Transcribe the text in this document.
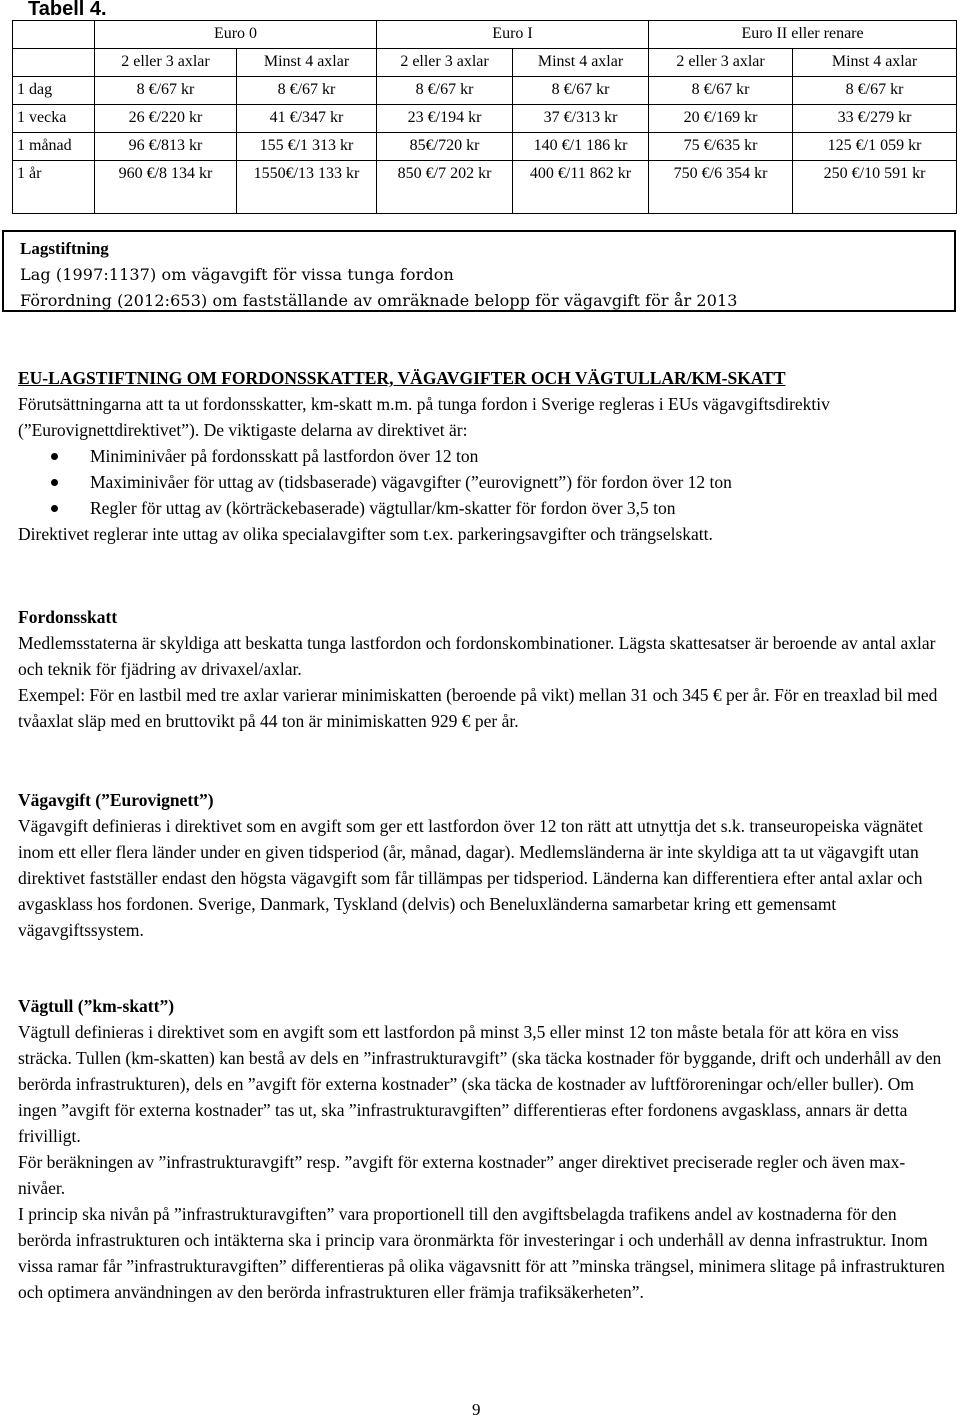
Tabell 4.
	Euro 0		Euro I		Euro II eller renare	
	2 eller 3 axlar	Minst 4 axlar	2 eller 3 axlar	Minst 4 axlar	2 eller 3 axlar	Minst 4 axlar
1 dag	8 €/67 kr	8 €/67 kr	8 €/67 kr	8 €/67 kr	8 €/67 kr	8 €/67 kr
1 vecka	26 €/220 kr	41 €/347 kr	23 €/194 kr	37 €/313 kr	20 €/169 kr	33 €/279 kr
1 månad	96 €/813 kr	155 €/1 313 kr	85€/720 kr	140 €/1 186 kr	75 €/635 kr	125 €/1 059 kr
1 år	960 €/8 134 kr	1550€/13 133 kr	850 €/7 202 kr	400 €/11 862 kr	750 €/6 354 kr	250 €/10 591 kr
Lagstiftning
Lag (1997:1137) om vägavgift för vissa tunga fordon
Förordning (2012:653) om fastställande av omräknade belopp för vägavgift för år 2013
EU-LAGSTIFTNING OM FORDONSSKATTER, VÄGAVGIFTER OCH VÄGTULLAR/KM-SKATT
Förutsättningarna att ta ut fordonsskatter, km-skatt m.m. på tunga fordon i Sverige regleras i EUs vägavgiftsdirektiv (”Eurovignettdirektivet”). De viktigaste delarna av direktivet är:
Miniminivåer på fordonsskatt på lastfordon över 12 ton
Maximinivåer för uttag av (tidsbaserade) vägavgifter (”eurovignett”) för fordon över 12 ton
Regler för uttag av (körträckebaserade) vägtullar/km-skatter för fordon över 3,5 ton
Direktivet reglerar inte uttag av olika specialavgifter som t.ex. parkeringsavgifter och trängselskatt.
Fordonsskatt
Medlemsstaterna är skyldiga att beskatta tunga lastfordon och fordonskombinationer. Lägsta skattesatser är beroende av antal axlar och teknik för fjädring av drivaxel/axlar.
Exempel: För en lastbil med tre axlar varierar minimiskatten (beroende på vikt) mellan 31 och 345 € per år. För en treaxlad bil med tvåaxlat släp med en bruttovikt på 44 ton är minimiskatten 929 € per år.
Vägavgift (”Eurovignett”)
Vägavgift definieras i direktivet som en avgift som ger ett lastfordon över 12 ton rätt att utnyttja det s.k. transeuropeiska vägnätet inom ett eller flera länder under en given tidsperiod (år, månad, dagar). Medlemsländerna är inte skyldiga att ta ut vägavgift utan direktivet fastställer endast den högsta vägavgift som får tillämpas per tidsperiod. Länderna kan differentiera efter antal axlar och avgasklass hos fordonen. Sverige, Danmark, Tyskland (delvis) och Beneluxländerna samarbetar kring ett gemensamt vägavgiftssystem.
Vägtull (”km-skatt”)
Vägtull definieras i direktivet som en avgift som ett lastfordon på minst 3,5 eller minst 12 ton måste betala för att köra en viss sträcka. Tullen (km-skatten) kan bestå av dels en ”infrastrukturavgift” (ska täcka kostnader för byggande, drift och underhåll av den berörda infrastrukturen), dels en ”avgift för externa kostnader” (ska täcka de kostnader av luftföroreningar och/eller buller). Om ingen ”avgift för externa kostnader” tas ut, ska ”infrastrukturavgiften” differentieras efter fordonens avgasklass, annars är detta frivilligt.
För beräkningen av ”infrastrukturavgift” resp. ”avgift för externa kostnader” anger direktivet preciserade regler och även max-nivåer.
I princip ska nivån på ”infrastrukturavgiften” vara proportionell till den avgiftsbelagda trafikens andel av kostnaderna för den berörda infrastrukturen och intäkterna ska i princip vara öronmärkta för investeringar i och underhåll av denna infrastruktur. Inom vissa ramar får ”infrastrukturavgiften” differentieras på olika vägavsnitt för att ”minska trängsel, minimera slitage på infrastrukturen och optimera användningen av den berörda infrastrukturen eller främja trafiksäkerheten”.
9
